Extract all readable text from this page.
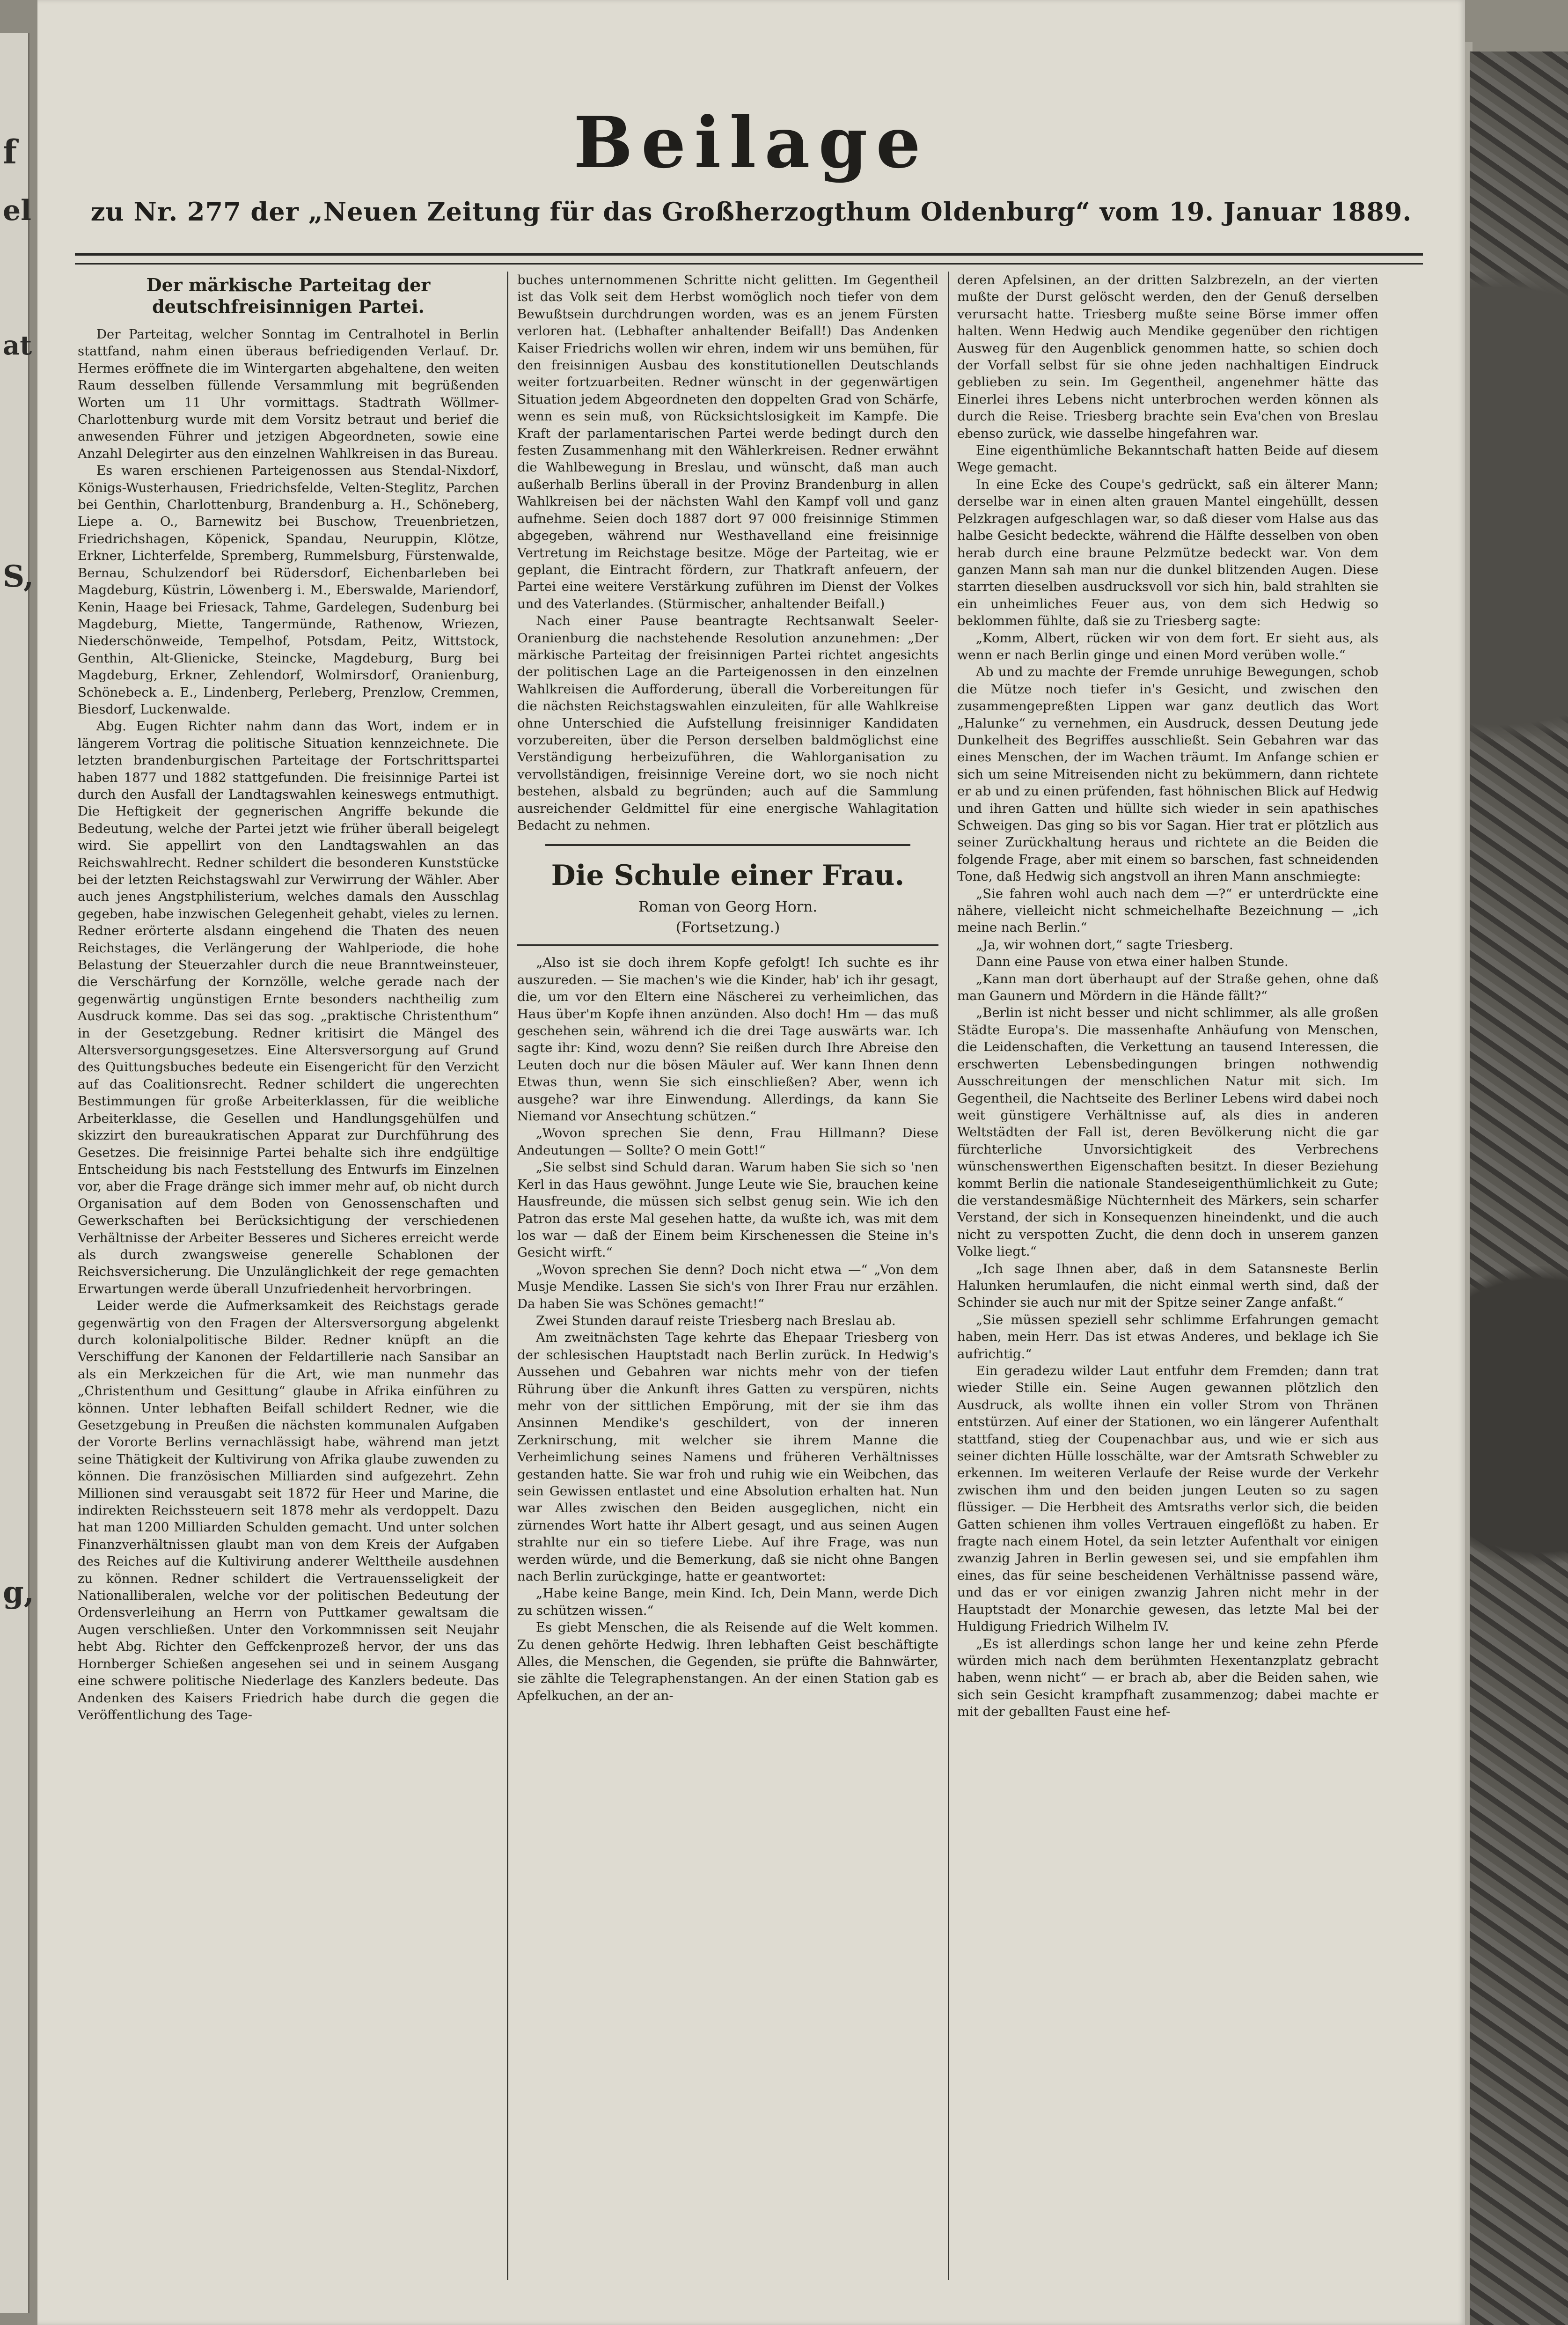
f
el
at
S,
g,
Beilage
zu Nr. 277 der „Neuen Zeitung für das Großherzogthum Oldenburg“ vom 19. Januar 1889.
Der märkische Parteitag der deutschfreisinnigen Partei.

Der Parteitag, welcher Sonntag im Centralhotel in Berlin stattfand, nahm einen überaus befriedigenden Verlauf. Dr. Hermes eröffnete die im Wintergarten abgehaltene, den weiten Raum desselben füllende Versammlung mit begrüßenden Worten um 11 Uhr vormittags. Stadtrath Wöllmer-Charlottenburg wurde mit dem Vorsitz betraut und berief die anwesenden Führer und jetzigen Abgeordneten, sowie eine Anzahl Delegirter aus den einzelnen Wahlkreisen in das Bureau.

Es waren erschienen Parteigenossen aus Stendal-Nixdorf, Königs-Wusterhausen, Friedrichsfelde, Velten-Steglitz, Parchen bei Genthin, Charlottenburg, Brandenburg a. H., Schöneberg, Liepe a. O., Barnewitz bei Buschow, Treuenbrietzen, Friedrichshagen, Köpenick, Spandau, Neuruppin, Klötze, Erkner, Lichterfelde, Spremberg, Rummelsburg, Fürstenwalde, Bernau, Schulzendorf bei Rüdersdorf, Eichenbarleben bei Magdeburg, Küstrin, Löwenberg i. M., Eberswalde, Mariendorf, Kenin, Haage bei Friesack, Tahme, Gardelegen, Sudenburg bei Magdeburg, Miette, Tangermünde, Rathenow, Wriezen, Niederschönweide, Tempelhof, Potsdam, Peitz, Wittstock, Genthin, Alt-Glienicke, Steincke, Magdeburg, Burg bei Magdeburg, Erkner, Zehlendorf, Wolmirsdorf, Oranienburg, Schönebeck a. E., Lindenberg, Perleberg, Prenzlow, Cremmen, Biesdorf, Luckenwalde.

Abg. Eugen Richter nahm dann das Wort, indem er in längerem Vortrag die politische Situation kennzeichnete. Die letzten brandenburgischen Parteitage der Fortschrittspartei haben 1877 und 1882 stattgefunden. Die freisinnige Partei ist durch den Ausfall der Landtagswahlen keineswegs entmuthigt. Die Heftigkeit der gegnerischen Angriffe bekunde die Bedeutung, welche der Partei jetzt wie früher überall beigelegt wird. Sie appellirt von den Landtagswahlen an das Reichswahlrecht. Redner schildert die besonderen Kunststücke bei der letzten Reichstagswahl zur Verwirrung der Wähler. Aber auch jenes Angstphilisterium, welches damals den Ausschlag gegeben, habe inzwischen Gelegenheit gehabt, vieles zu lernen. Redner erörterte alsdann eingehend die Thaten des neuen Reichstages, die Verlängerung der Wahlperiode, die hohe Belastung der Steuerzahler durch die neue Branntweinsteuer, die Verschärfung der Kornzölle, welche gerade nach der gegenwärtig ungünstigen Ernte besonders nachtheilig zum Ausdruck komme. Das sei das sog. „praktische Christenthum“ in der Gesetzgebung. Redner kritisirt die Mängel des Altersversorgungsgesetzes. Eine Altersversorgung auf Grund des Quittungsbuches bedeute ein Eisengericht für den Verzicht auf das Coalitionsrecht. Redner schildert die ungerechten Bestimmungen für große Arbeiterklassen, für die weibliche Arbeiterklasse, die Gesellen und Handlungsgehülfen und skizzirt den bureaukratischen Apparat zur Durchführung des Gesetzes. Die freisinnige Partei behalte sich ihre endgültige Entscheidung bis nach Feststellung des Entwurfs im Einzelnen vor, aber die Frage dränge sich immer mehr auf, ob nicht durch Organisation auf dem Boden von Genossenschaften und Gewerkschaften bei Berücksichtigung der verschiedenen Verhältnisse der Arbeiter Besseres und Sicheres erreicht werde als durch zwangsweise generelle Schablonen der Reichsversicherung. Die Unzulänglichkeit der rege gemachten Erwartungen werde überall Unzufriedenheit hervorbringen.

Leider werde die Aufmerksamkeit des Reichstags gerade gegenwärtig von den Fragen der Altersversorgung abgelenkt durch kolonialpolitische Bilder. Redner knüpft an die Verschiffung der Kanonen der Feldartillerie nach Sansibar an als ein Merkzeichen für die Art, wie man nunmehr das „Christenthum und Gesittung“ glaube in Afrika einführen zu können. Unter lebhaften Beifall schildert Redner, wie die Gesetzgebung in Preußen die nächsten kommunalen Aufgaben der Vororte Berlins vernachlässigt habe, während man jetzt seine Thätigkeit der Kultivirung von Afrika glaube zuwenden zu können. Die französischen Milliarden sind aufgezehrt. Zehn Millionen sind verausgabt seit 1872 für Heer und Marine, die indirekten Reichssteuern seit 1878 mehr als verdoppelt. Dazu hat man 1200 Milliarden Schulden gemacht. Und unter solchen Finanzverhältnissen glaubt man von dem Kreis der Aufgaben des Reiches auf die Kultivirung anderer Welttheile ausdehnen zu können. Redner schildert die Vertrauensseligkeit der Nationalliberalen, welche vor der politischen Bedeutung der Ordensverleihung an Herrn von Puttkamer gewaltsam die Augen verschließen. Unter den Vorkommnissen seit Neujahr hebt Abg. Richter den Geffckenprozeß hervor, der uns das Hornberger Schießen angesehen sei und in seinem Ausgang eine schwere politische Niederlage des Kanzlers bedeute. Das Andenken des Kaisers Friedrich habe durch die gegen die Veröffentlichung des Tage-

buches unternommenen Schritte nicht gelitten. Im Gegentheil ist das Volk seit dem Herbst womöglich noch tiefer von dem Bewußtsein durchdrungen worden, was es an jenem Fürsten verloren hat. (Lebhafter anhaltender Beifall!) Das Andenken Kaiser Friedrichs wollen wir ehren, indem wir uns bemühen, für den freisinnigen Ausbau des konstitutionellen Deutschlands weiter fortzuarbeiten. Redner wünscht in der gegenwärtigen Situation jedem Abgeordneten den doppelten Grad von Schärfe, wenn es sein muß, von Rücksichtslosigkeit im Kampfe. Die Kraft der parlamentarischen Partei werde bedingt durch den festen Zusammenhang mit den Wählerkreisen. Redner erwähnt die Wahlbewegung in Breslau, und wünscht, daß man auch außerhalb Berlins überall in der Provinz Brandenburg in allen Wahlkreisen bei der nächsten Wahl den Kampf voll und ganz aufnehme. Seien doch 1887 dort 97 000 freisinnige Stimmen abgegeben, während nur Westhavelland eine freisinnige Vertretung im Reichstage besitze. Möge der Parteitag, wie er geplant, die Eintracht fördern, zur Thatkraft anfeuern, der Partei eine weitere Verstärkung zuführen im Dienst der Volkes und des Vaterlandes. (Stürmischer, anhaltender Beifall.)

Nach einer Pause beantragte Rechtsanwalt Seeler-Oranienburg die nachstehende Resolution anzunehmen: „Der märkische Parteitag der freisinnigen Partei richtet angesichts der politischen Lage an die Parteigenossen in den einzelnen Wahlkreisen die Aufforderung, überall die Vorbereitungen für die nächsten Reichstagswahlen einzuleiten, für alle Wahlkreise ohne Unterschied die Aufstellung freisinniger Kandidaten vorzubereiten, über die Person derselben baldmöglichst eine Verständigung herbeizuführen, die Wahlorganisation zu vervollständigen, freisinnige Vereine dort, wo sie noch nicht bestehen, alsbald zu begründen; auch auf die Sammlung ausreichender Geldmittel für eine energische Wahlagitation Bedacht zu nehmen.

Die Schule einer Frau.
Roman von Georg Horn.
(Fortsetzung.)

„Also ist sie doch ihrem Kopfe gefolgt! Ich suchte es ihr auszureden. — Sie machen's wie die Kinder, hab' ich ihr gesagt, die, um vor den Eltern eine Näscherei zu verheimlichen, das Haus über'm Kopfe ihnen anzünden. Also doch! Hm — das muß geschehen sein, während ich die drei Tage auswärts war. Ich sagte ihr: Kind, wozu denn? Sie reißen durch Ihre Abreise den Leuten doch nur die bösen Mäuler auf. Wer kann Ihnen denn Etwas thun, wenn Sie sich einschließen? Aber, wenn ich ausgehe? war ihre Einwendung. Allerdings, da kann Sie Niemand vor Ansechtung schützen.“

„Wovon sprechen Sie denn, Frau Hillmann? Diese Andeutungen — Sollte? O mein Gott!“

„Sie selbst sind Schuld daran. Warum haben Sie sich so 'nen Kerl in das Haus gewöhnt. Junge Leute wie Sie, brauchen keine Hausfreunde, die müssen sich selbst genug sein. Wie ich den Patron das erste Mal gesehen hatte, da wußte ich, was mit dem los war — daß der Einem beim Kirschenessen die Steine in's Gesicht wirft.“

„Wovon sprechen Sie denn? Doch nicht etwa —“ „Von dem Musje Mendike. Lassen Sie sich's von Ihrer Frau nur erzählen. Da haben Sie was Schönes gemacht!“

Zwei Stunden darauf reiste Triesberg nach Breslau ab.

Am zweitnächsten Tage kehrte das Ehepaar Triesberg von der schlesischen Hauptstadt nach Berlin zurück. In Hedwig's Aussehen und Gebahren war nichts mehr von der tiefen Rührung über die Ankunft ihres Gatten zu verspüren, nichts mehr von der sittlichen Empörung, mit der sie ihm das Ansinnen Mendike's geschildert, von der inneren Zerknirschung, mit welcher sie ihrem Manne die Verheimlichung seines Namens und früheren Verhältnisses gestanden hatte. Sie war froh und ruhig wie ein Weibchen, das sein Gewissen entlastet und eine Absolution erhalten hat. Nun war Alles zwischen den Beiden ausgeglichen, nicht ein zürnendes Wort hatte ihr Albert gesagt, und aus seinen Augen strahlte nur ein so tiefere Liebe. Auf ihre Frage, was nun werden würde, und die Bemerkung, daß sie nicht ohne Bangen nach Berlin zurückginge, hatte er geantwortet:

„Habe keine Bange, mein Kind. Ich, Dein Mann, werde Dich zu schützen wissen.“

Es giebt Menschen, die als Reisende auf die Welt kommen. Zu denen gehörte Hedwig. Ihren lebhaften Geist beschäftigte Alles, die Menschen, die Gegenden, sie prüfte die Bahnwärter, sie zählte die Telegraphenstangen. An der einen Station gab es Apfelkuchen, an der an-

deren Apfelsinen, an der dritten Salzbrezeln, an der vierten mußte der Durst gelöscht werden, den der Genuß derselben verursacht hatte. Triesberg mußte seine Börse immer offen halten. Wenn Hedwig auch Mendike gegenüber den richtigen Ausweg für den Augenblick genommen hatte, so schien doch der Vorfall selbst für sie ohne jeden nachhaltigen Eindruck geblieben zu sein. Im Gegentheil, angenehmer hätte das Einerlei ihres Lebens nicht unterbrochen werden können als durch die Reise. Triesberg brachte sein Eva'chen von Breslau ebenso zurück, wie dasselbe hingefahren war.

Eine eigenthümliche Bekanntschaft hatten Beide auf diesem Wege gemacht.

In eine Ecke des Coupe's gedrückt, saß ein älterer Mann; derselbe war in einen alten grauen Mantel eingehüllt, dessen Pelzkragen aufgeschlagen war, so daß dieser vom Halse aus das halbe Gesicht bedeckte, während die Hälfte desselben von oben herab durch eine braune Pelzmütze bedeckt war. Von dem ganzen Mann sah man nur die dunkel blitzenden Augen. Diese starrten dieselben ausdrucksvoll vor sich hin, bald strahlten sie ein unheimliches Feuer aus, von dem sich Hedwig so beklommen fühlte, daß sie zu Triesberg sagte:

„Komm, Albert, rücken wir von dem fort. Er sieht aus, als wenn er nach Berlin ginge und einen Mord verüben wolle.“

Ab und zu machte der Fremde unruhige Bewegungen, schob die Mütze noch tiefer in's Gesicht, und zwischen den zusammengepreßten Lippen war ganz deutlich das Wort „Halunke“ zu vernehmen, ein Ausdruck, dessen Deutung jede Dunkelheit des Begriffes ausschließt. Sein Gebahren war das eines Menschen, der im Wachen träumt. Im Anfange schien er sich um seine Mitreisenden nicht zu bekümmern, dann richtete er ab und zu einen prüfenden, fast höhnischen Blick auf Hedwig und ihren Gatten und hüllte sich wieder in sein apathisches Schweigen. Das ging so bis vor Sagan. Hier trat er plötzlich aus seiner Zurückhaltung heraus und richtete an die Beiden die folgende Frage, aber mit einem so barschen, fast schneidenden Tone, daß Hedwig sich angstvoll an ihren Mann anschmiegte:

„Sie fahren wohl auch nach dem —?“ er unterdrückte eine nähere, vielleicht nicht schmeichelhafte Bezeichnung — „ich meine nach Berlin.“

„Ja, wir wohnen dort,“ sagte Triesberg.

Dann eine Pause von etwa einer halben Stunde.

„Kann man dort überhaupt auf der Straße gehen, ohne daß man Gaunern und Mördern in die Hände fällt?“

„Berlin ist nicht besser und nicht schlimmer, als alle großen Städte Europa's. Die massenhafte Anhäufung von Menschen, die Leidenschaften, die Verkettung an tausend Interessen, die erschwerten Lebensbedingungen bringen nothwendig Ausschreitungen der menschlichen Natur mit sich. Im Gegentheil, die Nachtseite des Berliner Lebens wird dabei noch weit günstigere Verhältnisse auf, als dies in anderen Weltstädten der Fall ist, deren Bevölkerung nicht die gar fürchterliche Unvorsichtigkeit des Verbrechens wünschenswerthen Eigenschaften besitzt. In dieser Beziehung kommt Berlin die nationale Standeseigenthümlichkeit zu Gute; die verstandesmäßige Nüchternheit des Märkers, sein scharfer Verstand, der sich in Konsequenzen hineindenkt, und die auch nicht zu verspotten Zucht, die denn doch in unserem ganzen Volke liegt.“

„Ich sage Ihnen aber, daß in dem Satansneste Berlin Halunken herumlaufen, die nicht einmal werth sind, daß der Schinder sie auch nur mit der Spitze seiner Zange anfaßt.“

„Sie müssen speziell sehr schlimme Erfahrungen gemacht haben, mein Herr. Das ist etwas Anderes, und beklage ich Sie aufrichtig.“

Ein geradezu wilder Laut entfuhr dem Fremden; dann trat wieder Stille ein. Seine Augen gewannen plötzlich den Ausdruck, als wollte ihnen ein voller Strom von Thränen entstürzen. Auf einer der Stationen, wo ein längerer Aufenthalt stattfand, stieg der Coupenachbar aus, und wie er sich aus seiner dichten Hülle losschälte, war der Amtsrath Schwebler zu erkennen. Im weiteren Verlaufe der Reise wurde der Verkehr zwischen ihm und den beiden jungen Leuten so zu sagen flüssiger. — Die Herbheit des Amtsraths verlor sich, die beiden Gatten schienen ihm volles Vertrauen eingeflößt zu haben. Er fragte nach einem Hotel, da sein letzter Aufenthalt vor einigen zwanzig Jahren in Berlin gewesen sei, und sie empfahlen ihm eines, das für seine bescheidenen Verhältnisse passend wäre, und das er vor einigen zwanzig Jahren nicht mehr in der Hauptstadt der Monarchie gewesen, das letzte Mal bei der Huldigung Friedrich Wilhelm IV.

„Es ist allerdings schon lange her und keine zehn Pferde würden mich nach dem berühmten Hexentanzplatz gebracht haben, wenn nicht“ — er brach ab, aber die Beiden sahen, wie sich sein Gesicht krampfhaft zusammenzog; dabei machte er mit der geballten Faust eine hef-
